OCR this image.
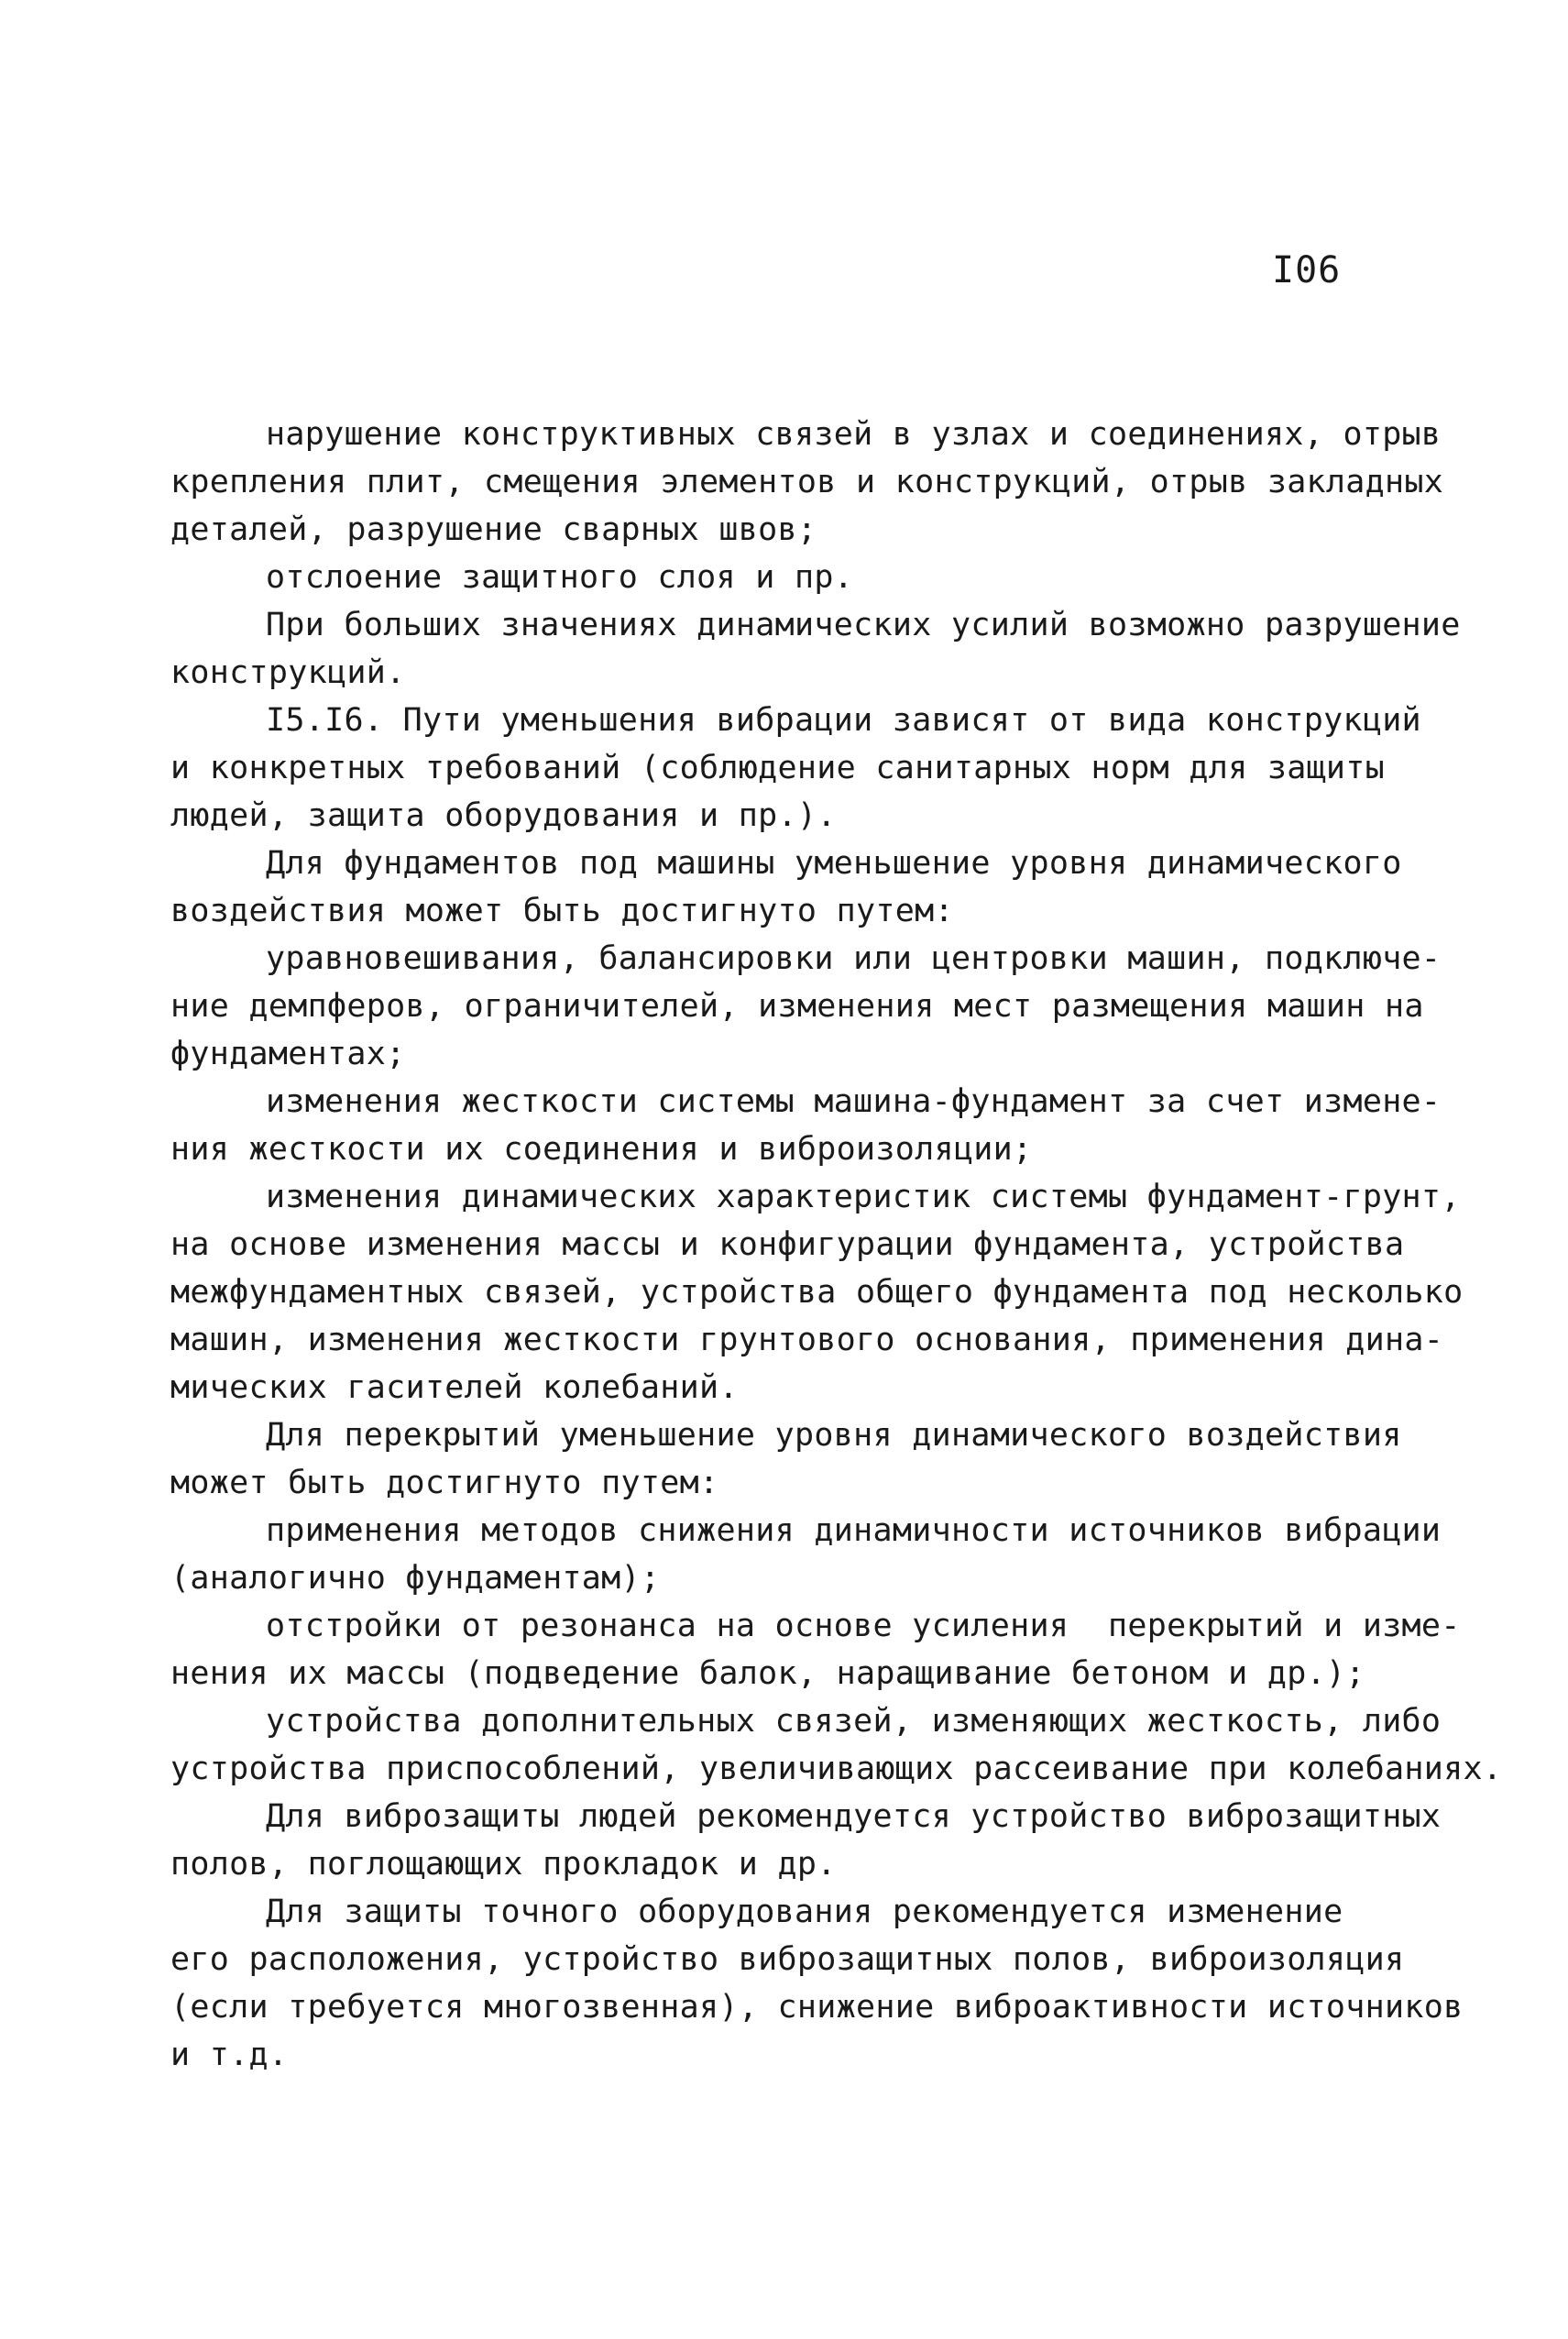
I06
нарушение конструктивных связей в узлах и соединениях, отрыв
крепления плит, смещения элементов и конструкций, отрыв закладных
деталей, разрушение сварных швов;
отслоение защитного слоя и пр.
При больших значениях динамических усилий возможно разрушение
конструкций.
I5.I6. Пути уменьшения вибрации зависят от вида конструкций
и конкретных требований (соблюдение санитарных норм для защиты
людей, защита оборудования и пр.).
Для фундаментов под машины уменьшение уровня динамического
воздействия может быть достигнуто путем:
уравновешивания, балансировки или центровки машин, подключе-
ние демпферов, ограничителей, изменения мест размещения машин на
фундаментах;
изменения жесткости системы машина-фундамент за счет измене-
ния жесткости их соединения и виброизоляции;
изменения динамических характеристик системы фундамент-грунт,
на основе изменения массы и конфигурации фундамента, устройства
межфундаментных связей, устройства общего фундамента под несколько
машин, изменения жесткости грунтового основания, применения дина-
мических гасителей колебаний.
Для перекрытий уменьшение уровня динамического воздействия
может быть достигнуто путем:
применения методов снижения динамичности источников вибрации
(аналогично фундаментам);
отстройки от резонанса на основе усиления  перекрытий и изме-
нения их массы (подведение балок, наращивание бетоном и др.);
устройства дополнительных связей, изменяющих жесткость, либо
устройства приспособлений, увеличивающих рассеивание при колебаниях.
Для виброзащиты людей рекомендуется устройство виброзащитных
полов, поглощающих прокладок и др.
Для защиты точного оборудования рекомендуется изменение
его расположения, устройство виброзащитных полов, виброизоляция
(если требуется многозвенная), снижение виброактивности источников
и т.д.
